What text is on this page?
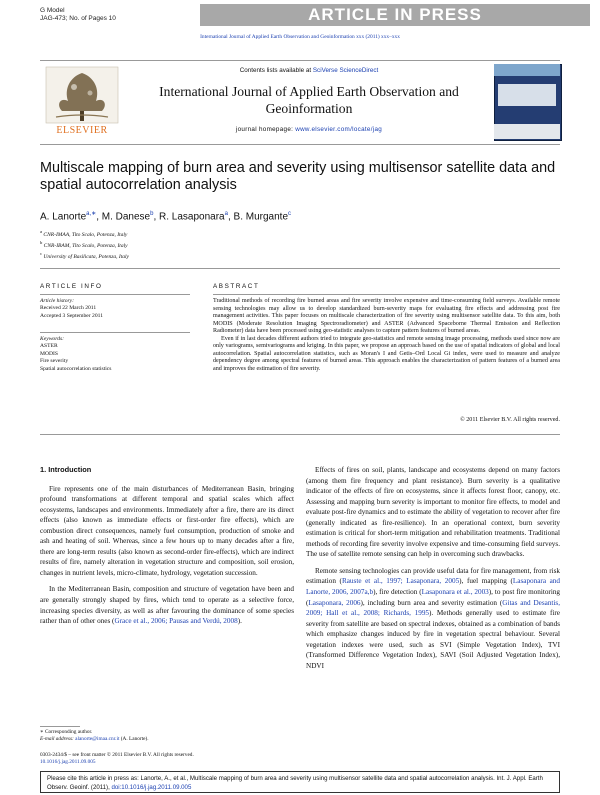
G Model
JAG-473; No. of Pages 10	ARTICLE IN PRESS
International Journal of Applied Earth Observation and Geoinformation xxx (2011) xxx–xxx
ELSEVIER
Contents lists available at SciVerse ScienceDirect
International Journal of Applied Earth Observation and Geoinformation
journal homepage: www.elsevier.com/locate/jag
Multiscale mapping of burn area and severity using multisensor satellite data and spatial autocorrelation analysis
A. Lanorte$^{a,∗}$, M. Danese$^b$, R. Lasaponara$^a$, B. Murgante$^c$
$^a$ CNR-IMAA, Tito Scalo, Potenza, Italy
$^b$ CNR-IBAM, Tito Scalo, Potenza, Italy
$^c$ University of Basilicata, Potenza, Italy
ARTICLE INFO
Article history:
Received 22 March 2011
Accepted 3 September 2011
Keywords:
ASTER
MODIS
Fire severity
Spatial autocorrelation statistics
ABSTRACT

Traditional methods of recording fire burned areas and fire severity involve expensive and time-consuming field surveys. Available remote sensing technologies may allow us to develop standardized burn-severity maps for evaluating fire effects and addressing post fire management activities. This paper focuses on multiscale characterization of fire severity using multisensor satellite data. To this aim, both MODIS (Moderate Resolution Imaging Spectroradiometer) and ASTER (Advanced Spaceborne Thermal Emission and Reflection Radiometer) data have been processed using geo-statistic analyses to capture pattern features of burned areas.

Even if in last decades different authors tried to integrate geo-statistics and remote sensing image processing, methods used since now are only variograms, semivariograms and kriging. In this paper, we propose an approach based on the use of spatial indicators of global and local autocorrelation. Spatial autocorrelation statistics, such as Moran's I and Getis–Ord Local Gi index, were used to measure and analyze dependency degree among spectral features of burned areas. This approach enables the characterization of pattern features of a burned area and improves the estimation of fire severity.

© 2011 Elsevier B.V. All rights reserved.
1. Introduction

Fire represents one of the main disturbances of Mediterranean Basin, bringing profound transformations at different temporal and spatial scales which affect ecosystems, landscapes and environments. Immediately after a fire, there are its direct effects (also known as immediate effects or first-order fire effects), which are combustion direct consequences, namely fuel consumption, production of smoke and ash and heating of soil. Whereas, since a few hours up to many decades after a fire, there are long-term results (also known as second-order fire-effects), which are indirect results of fire, namely alteration in vegetation structure and composition, soil erosion, changes in nutrient levels, micro-climate, hydrology, vegetation succession.

In the Mediterranean Basin, composition and structure of vegetation have been and are generally strongly shaped by fires, which tend to operate as a selective force, increasing species diversity, as well as after favouring the dominance of some species rather than of other ones (Grace et al., 2006; Pausas and Verdú, 2008).

Effects of fires on soil, plants, landscape and ecosystems depend on many factors (among them fire frequency and plant resistance). Burn severity is a qualitative indicator of the effects of fire on ecosystems, since it affects forest floor, canopy, etc. Assessing and mapping burn severity is important to monitor fire effects, to model and evaluate post-fire dynamics and to estimate the ability of vegetation to recover after fire (generally indicated as fire-resilience). In an operational context, burn severity estimation is critical for short-term mitigation and rehabilitation treatments. Traditional methods of recording fire severity involve expensive and time-consuming field surveys. The use of satellite remote sensing can help in overcoming such drawbacks.

Remote sensing technologies can provide useful data for fire management, from risk estimation (Rauste et al., 1997; Lasaponara, 2005), fuel mapping (Lasaponara and Lanorte, 2006, 2007a,b), fire detection (Lasaponara et al., 2003), to post fire monitoring (Lasaponara, 2006), including burn area and severity estimation (Gitas and Desantis, 2009; Hall et al., 2008; Richards, 1995). Methods generally used to estimate fire severity from satellite are based on spectral indexes, obtained as a combination of bands which emphasize changes induced by fire in vegetation spectral behaviour. Several vegetation indexes were used, such as SVI (Simple Vegetation Index), TVI (Transformed Difference Vegetation Index), SAVI (Soil Adjusted Vegetation Index), NDVI

∗ Corresponding author.
E-mail address: alanorte@imaa.cnr.it (A. Lanorte).
0303-2434/$ – see front matter © 2011 Elsevier B.V. All rights reserved.
10.1016/j.jag.2011.09.005
Please cite this article in press as: Lanorte, A., et al., Multiscale mapping of burn area and severity using multisensor satellite data and spatial autocorrelation analysis. Int. J. Appl. Earth Observ. Geoinf. (2011), doi:10.1016/j.jag.2011.09.005
